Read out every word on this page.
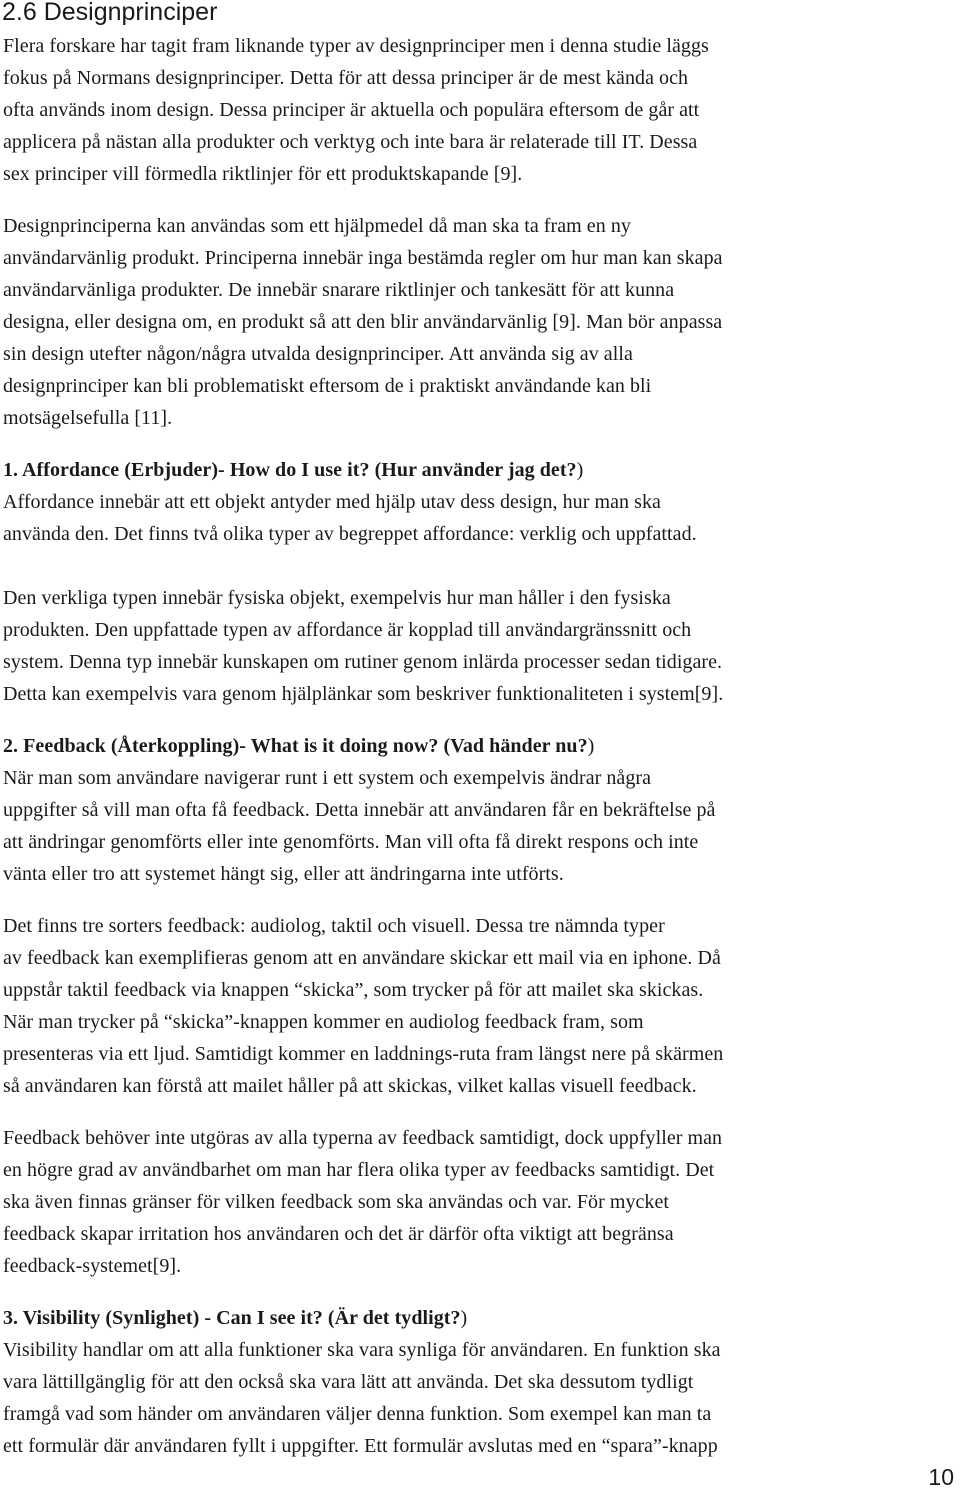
2.6 Designprinciper

Flera forskare har tagit fram liknande typer av designprinciper men i denna studie läggs
fokus på Normans designprinciper. Detta för att dessa principer är de mest kända och
ofta används inom design. Dessa principer är aktuella och populära eftersom de går att
applicera på nästan alla produkter och verktyg och inte bara är relaterade till IT. Dessa
sex principer vill förmedla riktlinjer för ett produktskapande [9].

Designprinciperna kan användas som ett hjälpmedel då man ska ta fram en ny
användarvänlig produkt. Principerna innebär inga bestämda regler om hur man kan skapa
användarvänliga produkter. De innebär snarare riktlinjer och tankesätt för att kunna
designa, eller designa om, en produkt så att den blir användarvänlig [9]. Man bör anpassa
sin design utefter någon/några utvalda designprinciper. Att använda sig av alla
designprinciper kan bli problematiskt eftersom de i praktiskt användande kan bli
motsägelsefulla [11].

1. Affordance (Erbjuder)- How do I use it? (Hur använder jag det?)
Affordance innebär att ett objekt antyder med hjälp utav dess design, hur man ska
använda den. Det finns två olika typer av begreppet affordance: verklig och uppfattad.

Den verkliga typen innebär fysiska objekt, exempelvis hur man håller i den fysiska
produkten. Den uppfattade typen av affordance är kopplad till användargränssnitt och
system. Denna typ innebär kunskapen om rutiner genom inlärda processer sedan tidigare.
Detta kan exempelvis vara genom hjälplänkar som beskriver funktionaliteten i system[9].

2. Feedback (Återkoppling)- What is it doing now? (Vad händer nu?)
När man som användare navigerar runt i ett system och exempelvis ändrar några
uppgifter så vill man ofta få feedback. Detta innebär att användaren får en bekräftelse på
att ändringar genomförts eller inte genomförts. Man vill ofta få direkt respons och inte
vänta eller tro att systemet hängt sig, eller att ändringarna inte utförts.

Det finns tre sorters feedback: audiolog, taktil och visuell. Dessa tre nämnda typer
av feedback kan exemplifieras genom att en användare skickar ett mail via en iphone. Då
uppstår taktil feedback via knappen “skicka”, som trycker på för att mailet ska skickas.
När man trycker på “skicka”-knappen kommer en audiolog feedback fram, som
presenteras via ett ljud. Samtidigt kommer en laddnings-ruta fram längst nere på skärmen
så användaren kan förstå att mailet håller på att skickas, vilket kallas visuell feedback.

Feedback behöver inte utgöras av alla typerna av feedback samtidigt, dock uppfyller man
en högre grad av användbarhet om man har flera olika typer av feedbacks samtidigt. Det
ska även finnas gränser för vilken feedback som ska användas och var. För mycket
feedback skapar irritation hos användaren och det är därför ofta viktigt att begränsa
feedback-systemet[9].

3. Visibility (Synlighet) - Can I see it? (Är det tydligt?)
Visibility handlar om att alla funktioner ska vara synliga för användaren. En funktion ska
vara lättillgänglig för att den också ska vara lätt att använda. Det ska dessutom tydligt
framgå vad som händer om användaren väljer denna funktion. Som exempel kan man ta
ett formulär där användaren fyllt i uppgifter. Ett formulär avslutas med en “spara”-knapp

10
